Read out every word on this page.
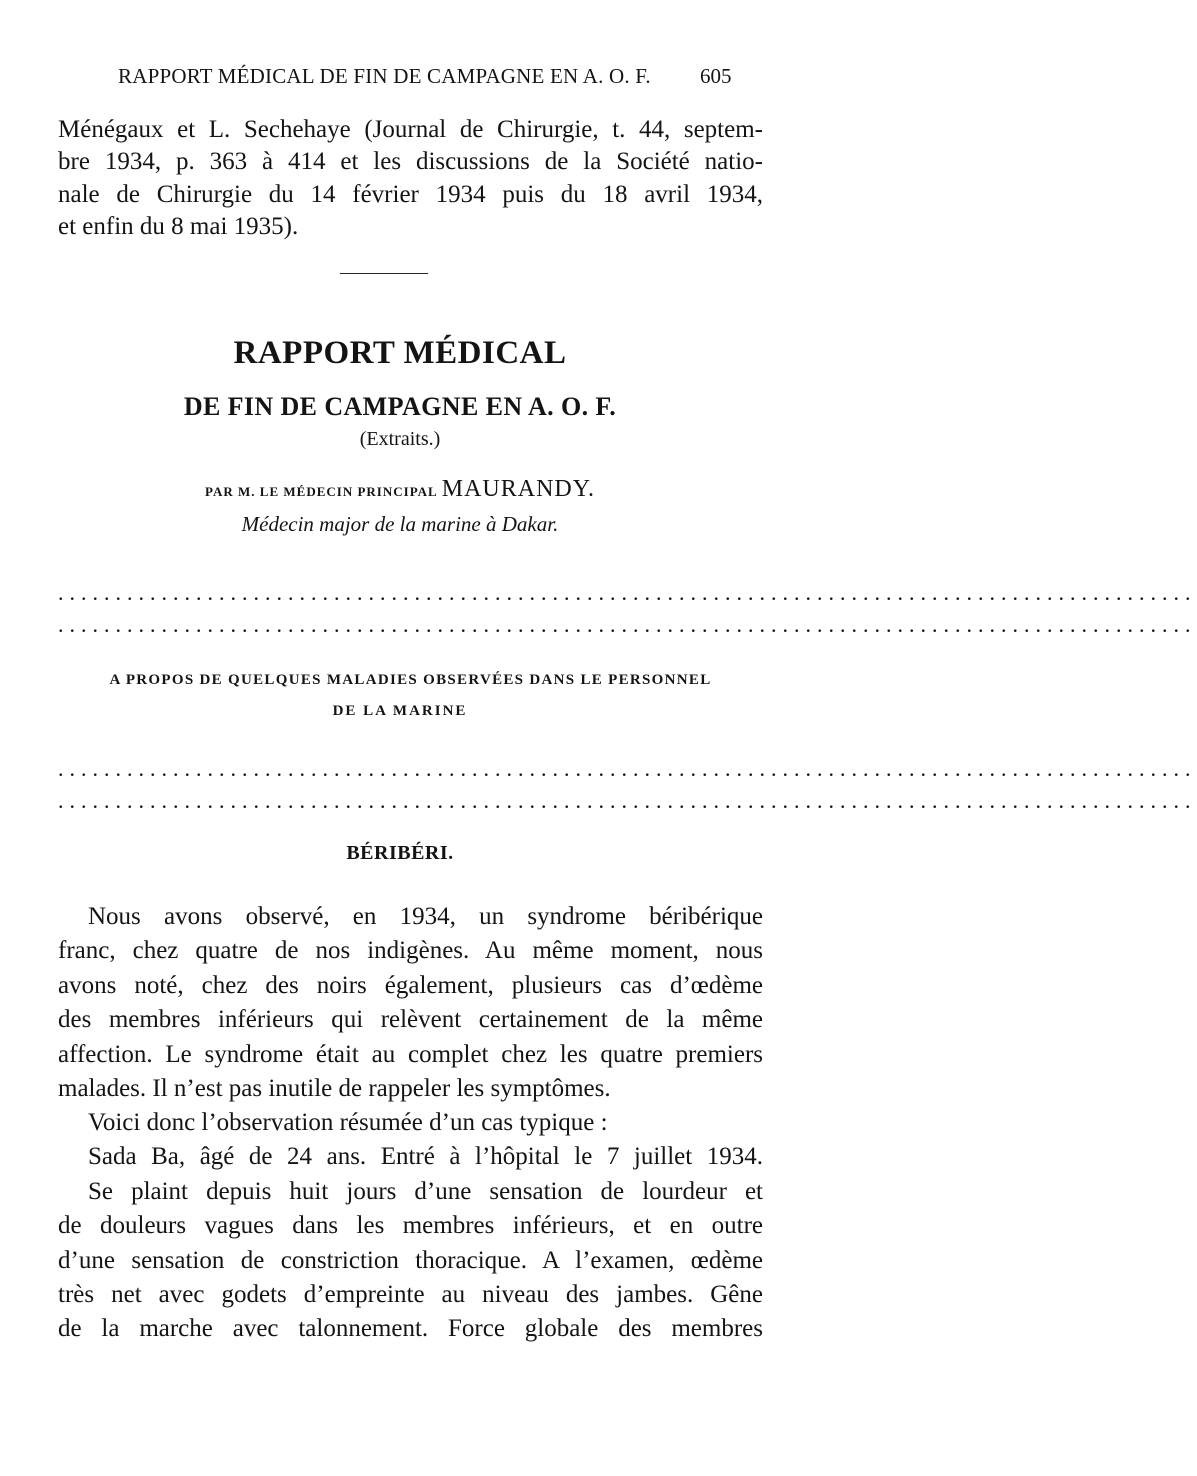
RAPPORT MÉDICAL DE FIN DE CAMPAGNE EN A. O. F. 605
Ménégaux et L. Sechehaye (Journal de Chirurgie, t. 44, septem-
bre 1934, p. 363 à 414 et les discussions de la Société natio-
nale de Chirurgie du 14 février 1934 puis du 18 avril 1934,
et enfin du 8 mai 1935).
RAPPORT MÉDICAL
DE FIN DE CAMPAGNE EN A. O. F.
(Extraits.)
PAR M. LE MÉDECIN PRINCIPAL MAURANDY.
Médecin major de la marine à Dakar.
...................................................................................................
...................................................................................................
A PROPOS DE QUELQUES MALADIES OBSERVÉES DANS LE PERSONNEL
DE LA MARINE
...................................................................................................
...................................................................................................
BÉRIBÉRI.
Nous avons observé, en 1934, un syndrome béribérique
franc, chez quatre de nos indigènes. Au même moment, nous
avons noté, chez des noirs également, plusieurs cas d’œdème
des membres inférieurs qui relèvent certainement de la même
affection. Le syndrome était au complet chez les quatre premiers
malades. Il n’est pas inutile de rappeler les symptômes.
Voici donc l’observation résumée d’un cas typique :
Sada Ba, âgé de 24 ans. Entré à l’hôpital le 7 juillet 1934.
Se plaint depuis huit jours d’une sensation de lourdeur et
de douleurs vagues dans les membres inférieurs, et en outre
d’une sensation de constriction thoracique. A l’examen, œdème
très net avec godets d’empreinte au niveau des jambes. Gêne
de la marche avec talonnement. Force globale des membres
